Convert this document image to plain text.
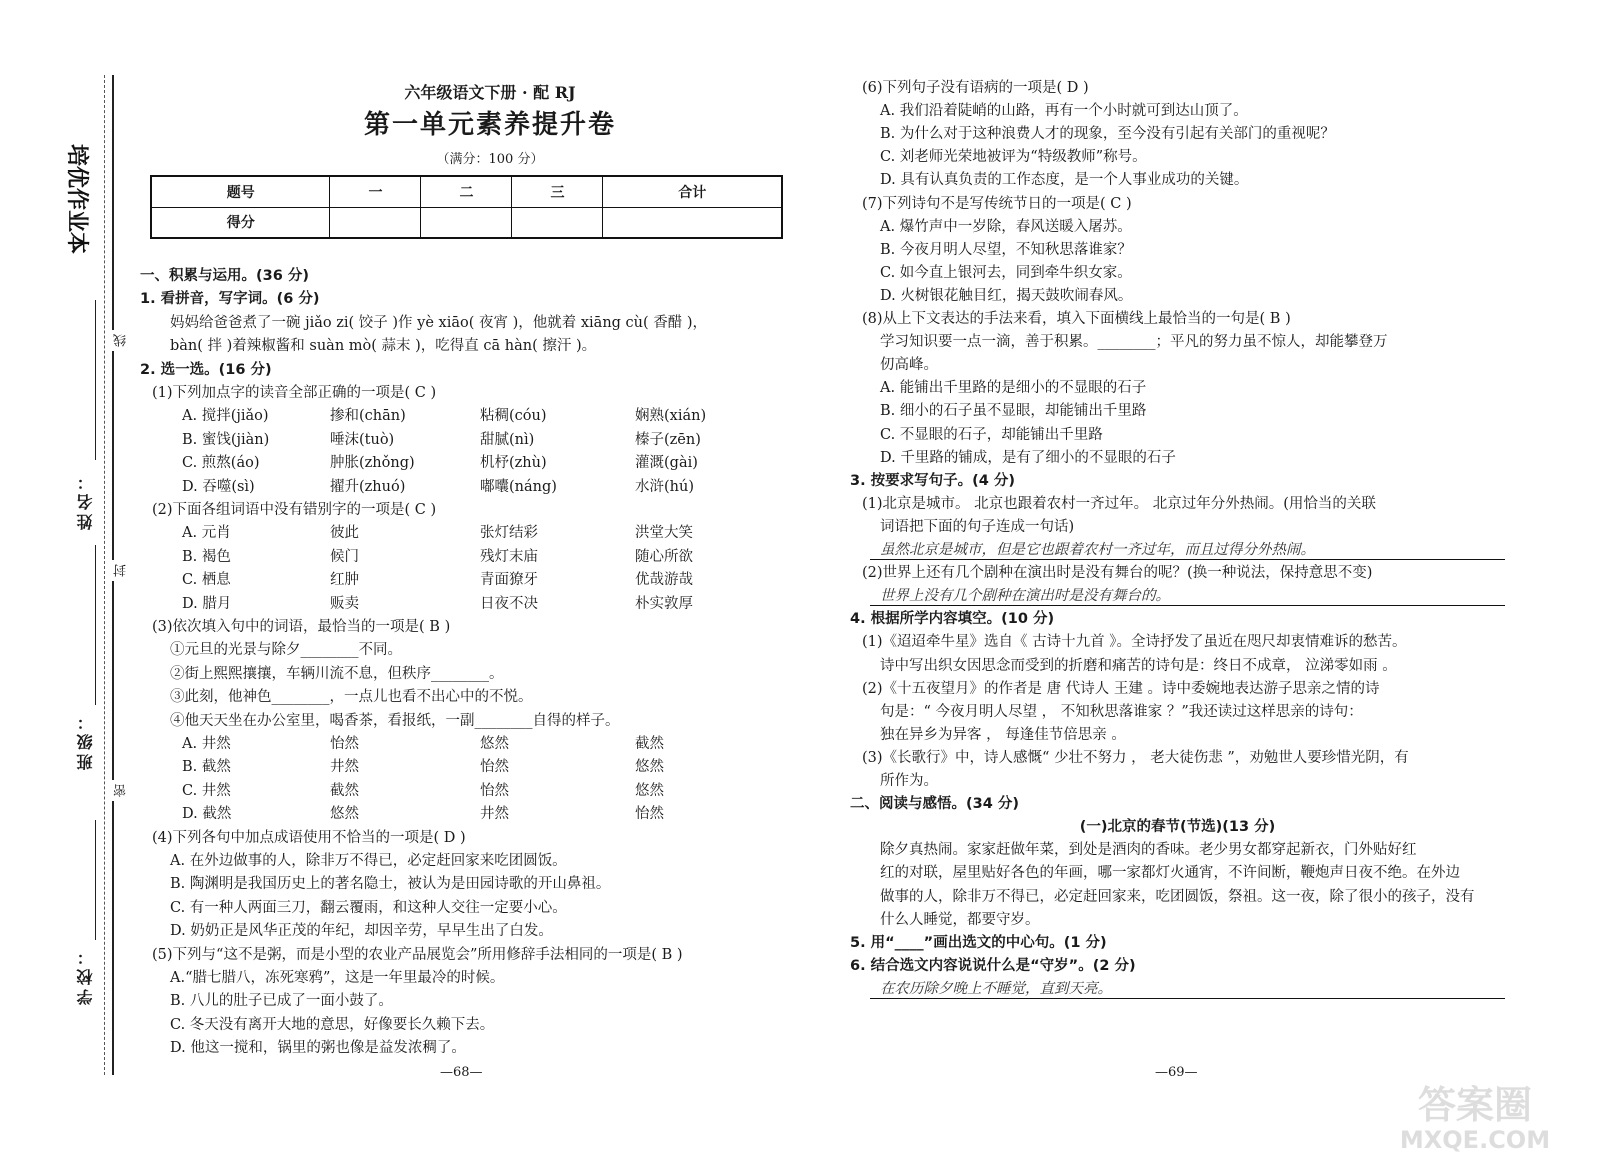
培优作业本
线
姓名：
封
班级：
密
学校：
六年级语文下册 · 配 RJ
第一单元素养提升卷
（满分：100 分）
题号	一	二	三	合计
得分				
一、积累与运用。(36 分)
1. 看拼音，写字词。(6 分)
妈妈给爸爸煮了一碗 jiǎo zi( 饺子 )作 yè xiāo( 夜宵 )，他就着 xiāng cù( 香醋 )，
bàn( 拌 )着辣椒酱和 suàn mò( 蒜末 )，吃得直 cā hàn( 擦汗 )。
2. 选一选。(16 分)
(1)下列加点字的读音全部正确的一项是( C )
A. 搅拌(jiǎo)	掺和(chān)	粘稠(cóu)	娴熟(xián)
B. 蜜饯(jiàn)	唾沫(tuò)	甜腻(nì)	榛子(zēn)
C. 煎熬(áo)	肿胀(zhǒng)	机杼(zhù)	灌溉(gài)
D. 吞噬(sì)	擢升(zhuó)	嘟囔(náng)	水浒(hú)
(2)下面各组词语中没有错别字的一项是( C )
A. 元肖	彼此	张灯结彩	洪堂大笑
B. 褐色	候门	残灯末庙	随心所欲
C. 栖息	红肿	青面獠牙	优哉游哉
D. 腊月	贩卖	日夜不决	朴实敦厚
(3)依次填入句中的词语，最恰当的一项是( B )
①元旦的光景与除夕________不同。
②街上熙熙攘攘，车辆川流不息，但秩序________。
③此刻，他神色________，一点儿也看不出心中的不悦。
④他天天坐在办公室里，喝香茶，看报纸，一副________自得的样子。
A. 井然	怡然	悠然	截然
B. 截然	井然	怡然	悠然
C. 井然	截然	怡然	悠然
D. 截然	悠然	井然	怡然
(4)下列各句中加点成语使用不恰当的一项是( D )
A. 在外边做事的人，除非万不得已，必定赶回家来吃团圆饭。
B. 陶渊明是我国历史上的著名隐士，被认为是田园诗歌的开山鼻祖。
C. 有一种人两面三刀，翻云覆雨，和这种人交往一定要小心。
D. 奶奶正是风华正茂的年纪，却因辛劳，早早生出了白发。
(5)下列与“这不是粥，而是小型的农业产品展览会”所用修辞手法相同的一项是( B )
A.“腊七腊八，冻死寒鸦”，这是一年里最冷的时候。
B. 八儿的肚子已成了一面小鼓了。
C. 冬天没有离开大地的意思，好像要长久赖下去。
D. 他这一搅和，锅里的粥也像是益发浓稠了。
(6)下列句子没有语病的一项是( D )
A. 我们沿着陡峭的山路，再有一个小时就可到达山顶了。
B. 为什么对于这种浪费人才的现象，至今没有引起有关部门的重视呢？
C. 刘老师光荣地被评为“特级教师”称号。
D. 具有认真负责的工作态度，是一个人事业成功的关键。
(7)下列诗句不是写传统节日的一项是( C )
A. 爆竹声中一岁除，春风送暖入屠苏。
B. 今夜月明人尽望，不知秋思落谁家？
C. 如今直上银河去，同到牵牛织女家。
D. 火树银花触目红，揭天鼓吹闹春风。
(8)从上下文表达的手法来看，填入下面横线上最恰当的一句是( B )
学习知识要一点一滴，善于积累。________；平凡的努力虽不惊人，却能攀登万
仞高峰。
A. 能铺出千里路的是细小的不显眼的石子
B. 细小的石子虽不显眼，却能铺出千里路
C. 不显眼的石子，却能铺出千里路
D. 千里路的铺成，是有了细小的不显眼的石子
3. 按要求写句子。(4 分)
(1)北京是城市。 北京也跟着农村一齐过年。 北京过年分外热闹。(用恰当的关联
词语把下面的句子连成一句话)
虽然北京是城市，但是它也跟着农村一齐过年，而且过得分外热闹。
(2)世界上还有几个剧种在演出时是没有舞台的呢？(换一种说法，保持意思不变)
世界上没有几个剧种在演出时是没有舞台的。
4. 根据所学内容填空。(10 分)
(1)《迢迢牵牛星》选自《 古诗十九首 》。全诗抒发了虽近在咫尺却衷情难诉的愁苦。
诗中写出织女因思念而受到的折磨和痛苦的诗句是：终日不成章， 泣涕零如雨 。
(2)《十五夜望月》的作者是 唐 代诗人 王建 。诗中委婉地表达游子思亲之情的诗
句是：“ 今夜月明人尽望 ， 不知秋思落谁家 ？”我还读过这样思亲的诗句：
独在异乡为异客 ， 每逢佳节倍思亲 。
(3)《长歌行》中，诗人感慨“ 少壮不努力 ， 老大徒伤悲 ”，劝勉世人要珍惜光阴，有
所作为。
二、阅读与感悟。(34 分)
(一)北京的春节(节选)(13 分)
除夕真热闹。家家赶做年菜，到处是酒肉的香味。老少男女都穿起新衣，门外贴好红
红的对联，屋里贴好各色的年画，哪一家都灯火通宵，不许间断，鞭炮声日夜不绝。在外边
做事的人，除非万不得已，必定赶回家来，吃团圆饭，祭祖。这一夜，除了很小的孩子，没有
什么人睡觉，都要守岁。
5. 用“____”画出选文的中心句。(1 分)
6. 结合选文内容说说什么是“守岁”。(2 分)
在农历除夕晚上不睡觉，直到天亮。
—68—	—69—
答案圈
MXQE.COM
